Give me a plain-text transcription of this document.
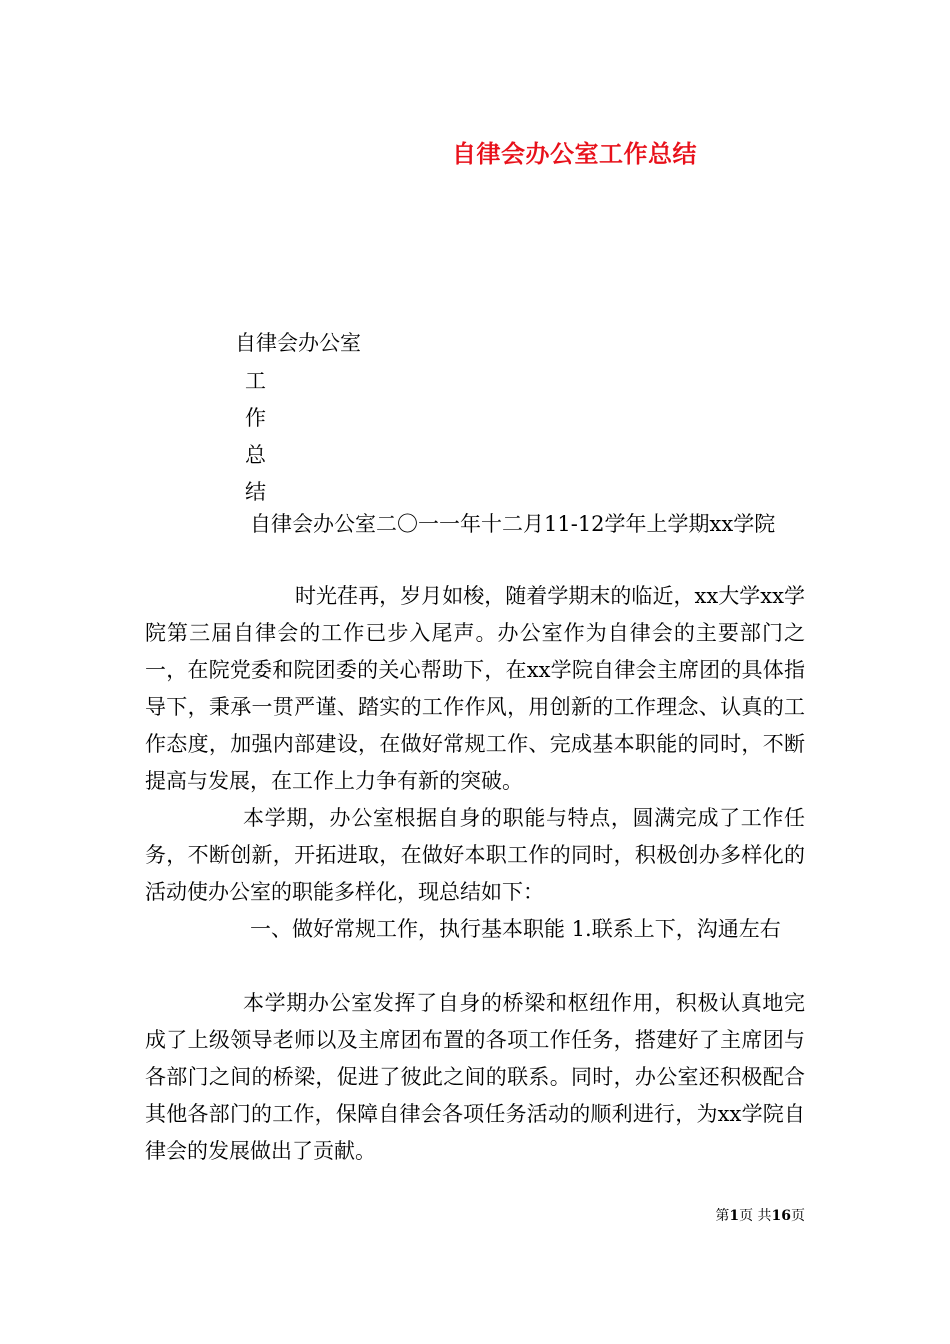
自律会办公室工作总结
自律会办公室
工
作
总
结

自律会办公室二〇一一年十二月11-12学年上学期xx学院

时光荏再，岁月如梭，随着学期末的临近，xx大学xx学院第三届自律会的工作已步入尾声。办公室作为自律会的主要部门之一，在院党委和院团委的关心帮助下，在xx学院自律会主席团的具体指导下，秉承一贯严谨、踏实的工作作风，用创新的工作理念、认真的工作态度，加强内部建设，在做好常规工作、完成基本职能的同时，不断提高与发展，在工作上力争有新的突破。

本学期，办公室根据自身的职能与特点，圆满完成了工作任务，不断创新，开拓进取，在做好本职工作的同时，积极创办多样化的活动使办公室的职能多样化，现总结如下：

一、做好常规工作，执行基本职能 1.联系上下，沟通左右

本学期办公室发挥了自身的桥梁和枢纽作用，积极认真地完成了上级领导老师以及主席团布置的各项工作任务，搭建好了主席团与各部门之间的桥梁，促进了彼此之间的联系。同时，办公室还积极配合其他各部门的工作，保障自律会各项任务活动的顺利进行，为xx学院自律会的发展做出了贡献。

第1页 共16页
